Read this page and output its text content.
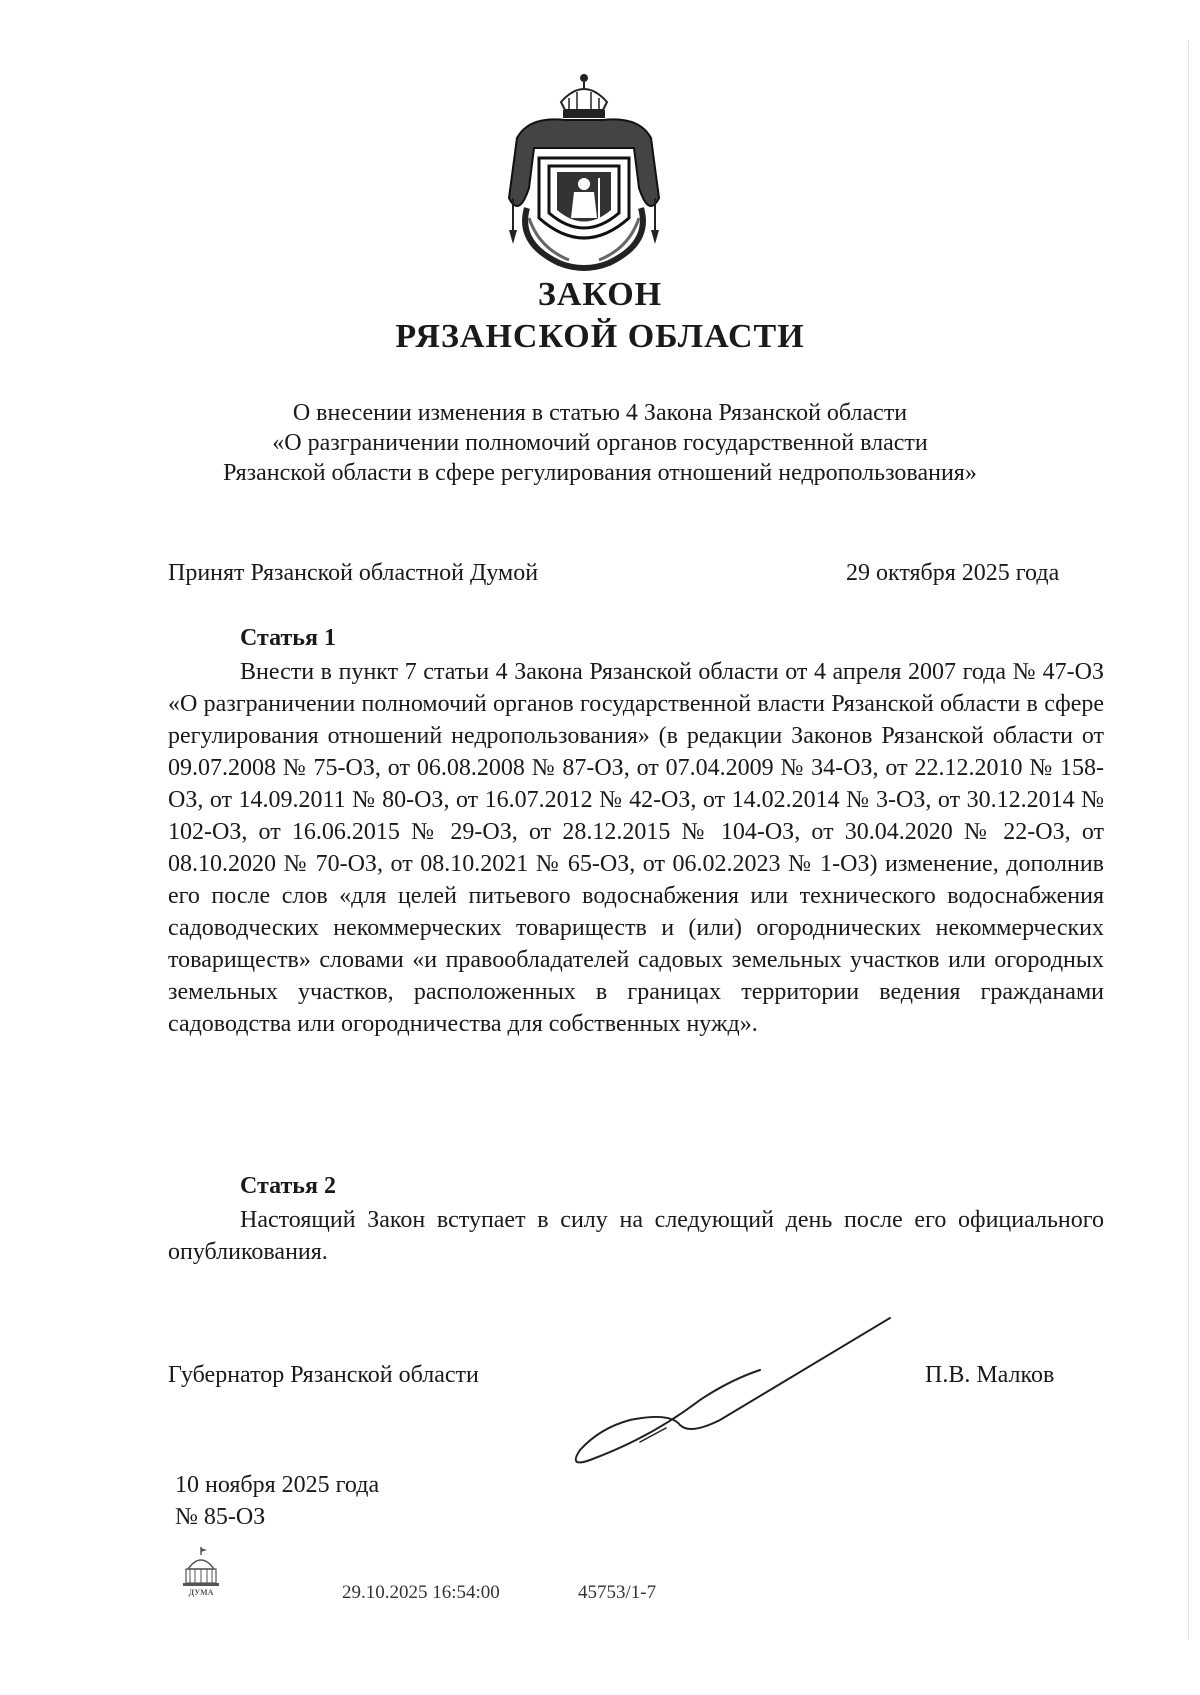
ЗАКОН
РЯЗАНСКОЙ ОБЛАСТИ
О внесении изменения в статью 4 Закона Рязанской области
«О разграничении полномочий органов государственной власти
Рязанской области в сфере регулирования отношений недропользования»
Принят Рязанской областной Думой	29 октября 2025 года
Статья 1

Внести в пункт 7 статьи 4 Закона Рязанской области от 4 апреля 2007 года № 47-ОЗ «О разграничении полномочий органов государственной власти Рязанской области в сфере регулирования отношений недропользования» (в редакции Законов Рязанской области от 09.07.2008 № 75-ОЗ, от 06.08.2008 № 87-ОЗ, от 07.04.2009 № 34-ОЗ, от 22.12.2010 № 158-ОЗ, от 14.09.2011 № 80-ОЗ, от 16.07.2012 № 42-ОЗ, от 14.02.2014 № 3-ОЗ, от 30.12.2014 № 102-ОЗ, от 16.06.2015 № 29-ОЗ, от 28.12.2015 № 104-ОЗ, от 30.04.2020 № 22-ОЗ, от 08.10.2020 № 70-ОЗ, от 08.10.2021 № 65-ОЗ, от 06.02.2023 № 1-ОЗ) изменение, дополнив его после слов «для целей питьевого водоснабжения или технического водоснабжения садоводческих некоммерческих товариществ и (или) огороднических некоммерческих товариществ» словами «и правообладателей садовых земельных участков или огородных земельных участков, расположенных в границах территории ведения гражданами садоводства или огородничества для собственных нужд».

Статья 2

Настоящий Закон вступает в силу на следующий день после его официального опубликования.

Губернатор Рязанской области	П.В. Малков
10 ноября 2025 года
№ 85-ОЗ
ДУМА	29.10.2025 16:54:00	45753/1-7
